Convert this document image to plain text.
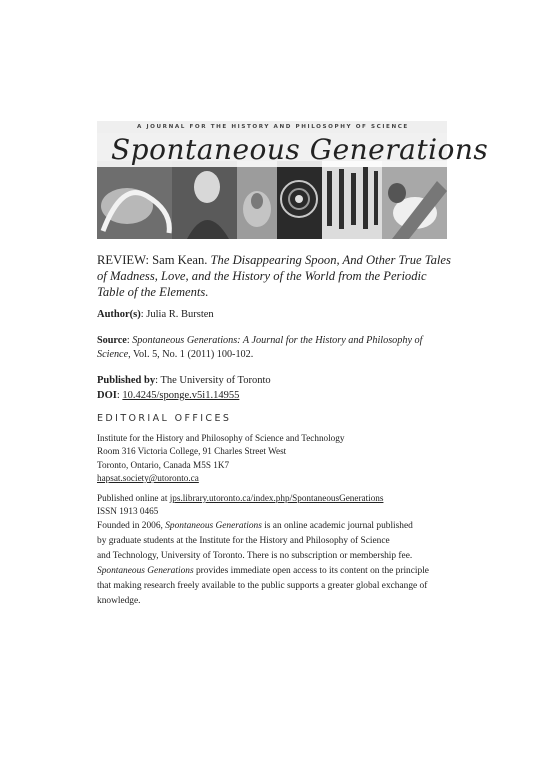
A JOURNAL FOR THE HISTORY AND PHILOSOPHY OF SCIENCE
Spontaneous Generations
REVIEW: Sam Kean. The Disappearing Spoon, And Other True Tales
of Madness, Love, and the History of the World from the Periodic
Table of the Elements.
Author(s): Julia R. Bursten
Source: Spontaneous Generations: A Journal for the History and Philosophy of
Science, Vol. 5, No. 1 (2011) 100-102.
Published by: The University of Toronto
DOI: 10.4245/sponge.v5i1.14955
EDITORIAL OFFICES
Institute for the History and Philosophy of Science and Technology
Room 316 Victoria College, 91 Charles Street West
Toronto, Ontario, Canada M5S 1K7
hapsat.society@utoronto.ca
Published online at jps.library.utoronto.ca/index.php/SpontaneousGenerations
ISSN 1913 0465
Founded in 2006, Spontaneous Generations is an online academic journal published
by graduate students at the Institute for the History and Philosophy of Science
and Technology, University of Toronto. There is no subscription or membership fee.
Spontaneous Generations provides immediate open access to its content on the principle
that making research freely available to the public supports a greater global exchange of
knowledge.
